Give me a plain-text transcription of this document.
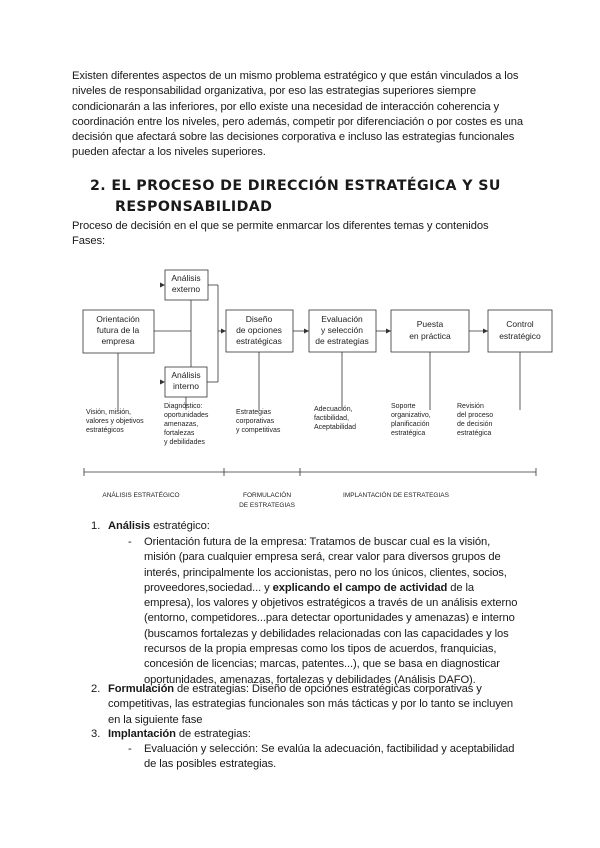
Existen diferentes aspectos de un mismo problema estratégico y que están vinculados a los niveles de responsabilidad organizativa, por eso las estrategias superiores siempre condicionarán a las inferiores, por ello existe una necesidad de interacción coherencia y coordinación entre los niveles, pero además, competir por diferenciación o por costes es una decisión que afectará sobre las decisiones corporativa e incluso las estrategias funcionales pueden afectar a los niveles superiores.
2. EL PROCESO DE DIRECCIÓN ESTRATÉGICA Y SU
RESPONSABILIDAD
Proceso de decisión en el que se permite enmarcar los diferentes temas y contenidos
Fases:
Orientación
futura de la
empresa
Análisis
externo
Análisis
interno
Diseño
de opciones
estratégicas
Evaluación
y selección
de estrategias
Puesta
en práctica
Control
estratégico
Visión, misión,
valores y objetivos
estratégicos
Diagnóstico:
oportunidades
amenazas,
fortalezas
y debilidades
Estrategias
corporativas
y competitivas
Adecuación,
factibilidad,
Aceptabilidad
Soporte
organizativo,
planificación
estratégica
Revisión
del proceso
de decisión
estratégica
ANÁLISIS ESTRATÉGICO	FORMULACIÓN
DE ESTRATEGIAS
IMPLANTACIÓN DE ESTRATEGIAS
1. Análisis estratégico:
- Orientación futura de la empresa: Tratamos de buscar cual es la visión,
misión (para cualquier empresa será, crear valor para diversos grupos de
interés, principalmente los accionistas, pero no los únicos, clientes, socios,
proveedores,sociedad... y explicando el campo de actividad de la
empresa), los valores y objetivos estratégicos a través de un análisis externo
(entorno, competidores...para detectar oportunidades y amenazas) e interno
(buscamos fortalezas y debilidades relacionadas con las capacidades y los
recursos de la propia empresas como los tipos de acuerdos, franquicias,
concesión de licencias; marcas, patentes...), que se basa en diagnosticar
oportunidades, amenazas, fortalezas y debilidades (Análisis DAFO).
2. Formulación de estrategias: Diseño de opciones estratégicas corporativas y
competitivas, las estrategias funcionales son más tácticas y por lo tanto se incluyen
en la siguiente fase
3. Implantación de estrategias:
- Evaluación y selección: Se evalúa la adecuación, factibilidad y aceptabilidad
de las posibles estrategias.
